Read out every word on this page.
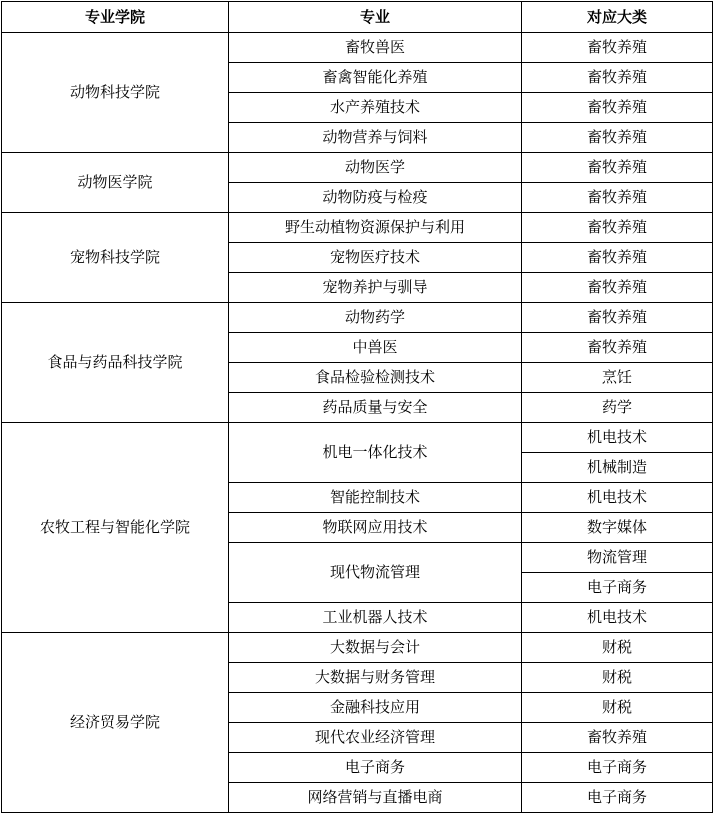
专业学院	专业	对应大类
动物科技学院	畜牧兽医	畜牧养殖
	畜禽智能化养殖	畜牧养殖
	水产养殖技术	畜牧养殖
	动物营养与饲料	畜牧养殖
动物医学院	动物医学	畜牧养殖
	动物防疫与检疫	畜牧养殖
宠物科技学院	野生动植物资源保护与利用	畜牧养殖
	宠物医疗技术	畜牧养殖
	宠物养护与驯导	畜牧养殖
食品与药品科技学院	动物药学	畜牧养殖
	中兽医	畜牧养殖
	食品检验检测技术	烹饪
	药品质量与安全	药学
农牧工程与智能化学院	机电一体化技术	机电技术
		机械制造
	智能控制技术	机电技术
	物联网应用技术	数字媒体
	现代物流管理	物流管理
		电子商务
	工业机器人技术	机电技术
经济贸易学院	大数据与会计	财税
	大数据与财务管理	财税
	金融科技应用	财税
	现代农业经济管理	畜牧养殖
	电子商务	电子商务
	网络营销与直播电商	电子商务
